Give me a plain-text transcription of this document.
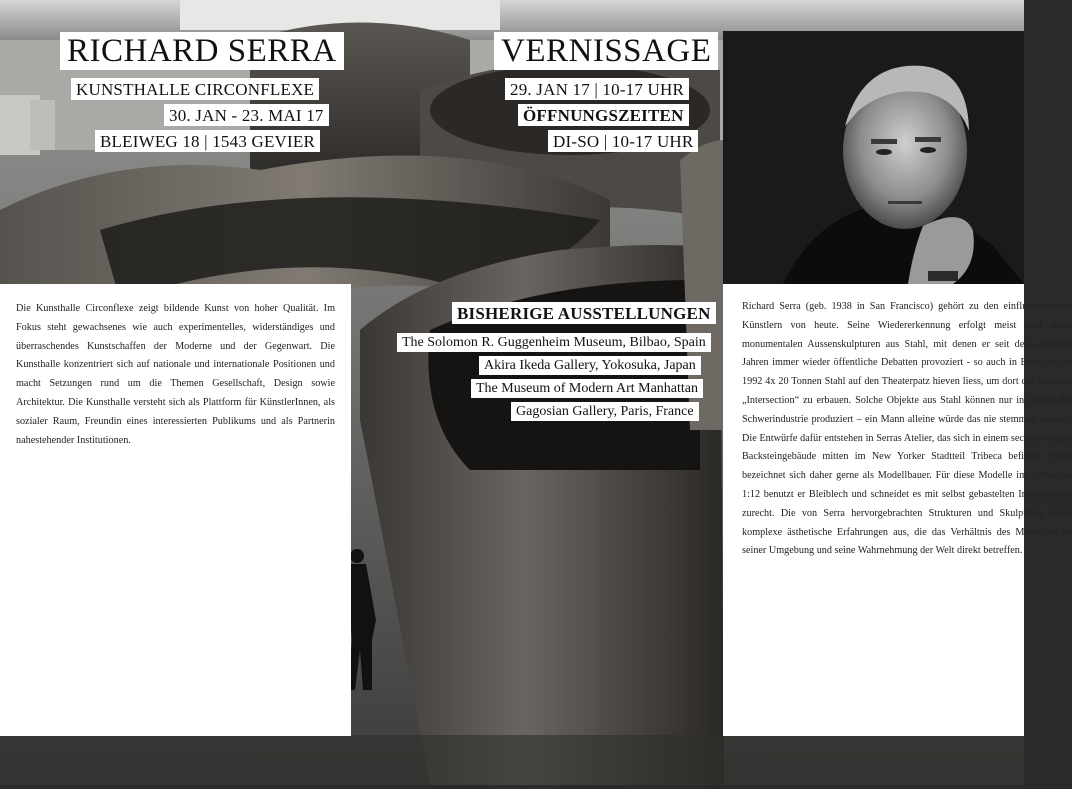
RICHARD SERRA
KUNSTHALLE CIRCONFLEXE
30. JAN - 23. MAI 17
BLEIWEG 18 | 1543 GEVIER
VERNISSAGE
29. JAN 17 | 10-17 UHR
ÖFFNUNGSZEITEN
DI-SO | 10-17 UHR
BISHERIGE AUSSTELLUNGEN
The Solomon R. Guggenheim Museum, Bilbao, Spain
Akira Ikeda Gallery, Yokosuka, Japan
The Museum of Modern Art Manhattan
Gagosian Gallery, Paris, France

Die Kunsthalle Circonflexe zeigt bildende Kunst von hoher Qualität. Im Fokus steht gewachsenes wie auch experimentelles, widerständiges und überraschendes Kunstschaffen der Moderne und der Gegenwart. Die Kunsthalle konzentriert sich auf nationale und internationale Positionen und macht Setzungen rund um die Themen Gesellschaft, Design sowie Architektur. Die Kunsthalle versteht sich als Plattform für KünstlerInnen, als sozialer Raum, Freundin eines interessierten Publikums und als Partnerin nahestehender Institutionen.

Richard Serra (geb. 1938 in San Francisco) gehört zu den einflussreichsten Künstlern von heute. Seine Wiedererkennung erfolgt meist über seine monumentalen Aussenskulpturen aus Stahl, mit denen er seit den achtziger Jahren immer wieder öffentliche Debatten provoziert - so auch in Basel, als er 1992 4x 20 Tonnen Stahl auf den Theaterpatz hieven liess, um dort die Skulptur „Intersection“ zu erbauen. Solche Objekte aus Stahl können nur in Hallen der Schwerindustrie produziert – ein Mann alleine würde das nie stemmen können. Die Entwürfe dafür entstehen in Serras Atelier, das sich in einem sechsstöckigen Backsteingebäude mitten im New Yorker Stadtteil Tribeca befindet. Serra bezeichnet sich daher gerne als Modellbauer. Für diese Modelle im Verhältnis 1:12 benutzt er Bleiblech und schneidet es mit selbst gebastelten Instrumenten zurecht. Die von Serra hervorgebrachten Strukturen und Skulpturen lösen komplexe ästhetische Erfahrungen aus, die das Verhältnis des Menschen zu seiner Umgebung und seine Wahrnehmung der Welt direkt betreffen.
